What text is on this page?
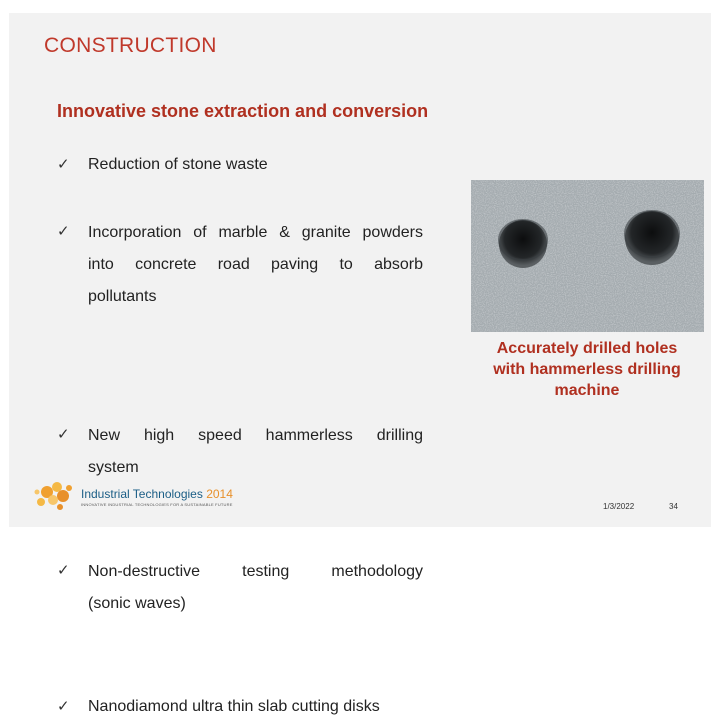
CONSTRUCTION
Innovative stone extraction and conversion
✓ Reduction of stone waste
✓ Incorporation of marble & granite powders
into concrete road paving to absorb
pollutants
✓ New high speed hammerless drilling
system
✓ Non-destructive testing methodology
(sonic waves)
✓ Nanodiamond ultra thin slab cutting disks
Accurately drilled holes
with hammerless drilling
machine
Industrial Technologies 2014
INNOVATIVE INDUSTRIAL TECHNOLOGIES FOR A SUSTAINABLE FUTURE	1/3/2022	34
